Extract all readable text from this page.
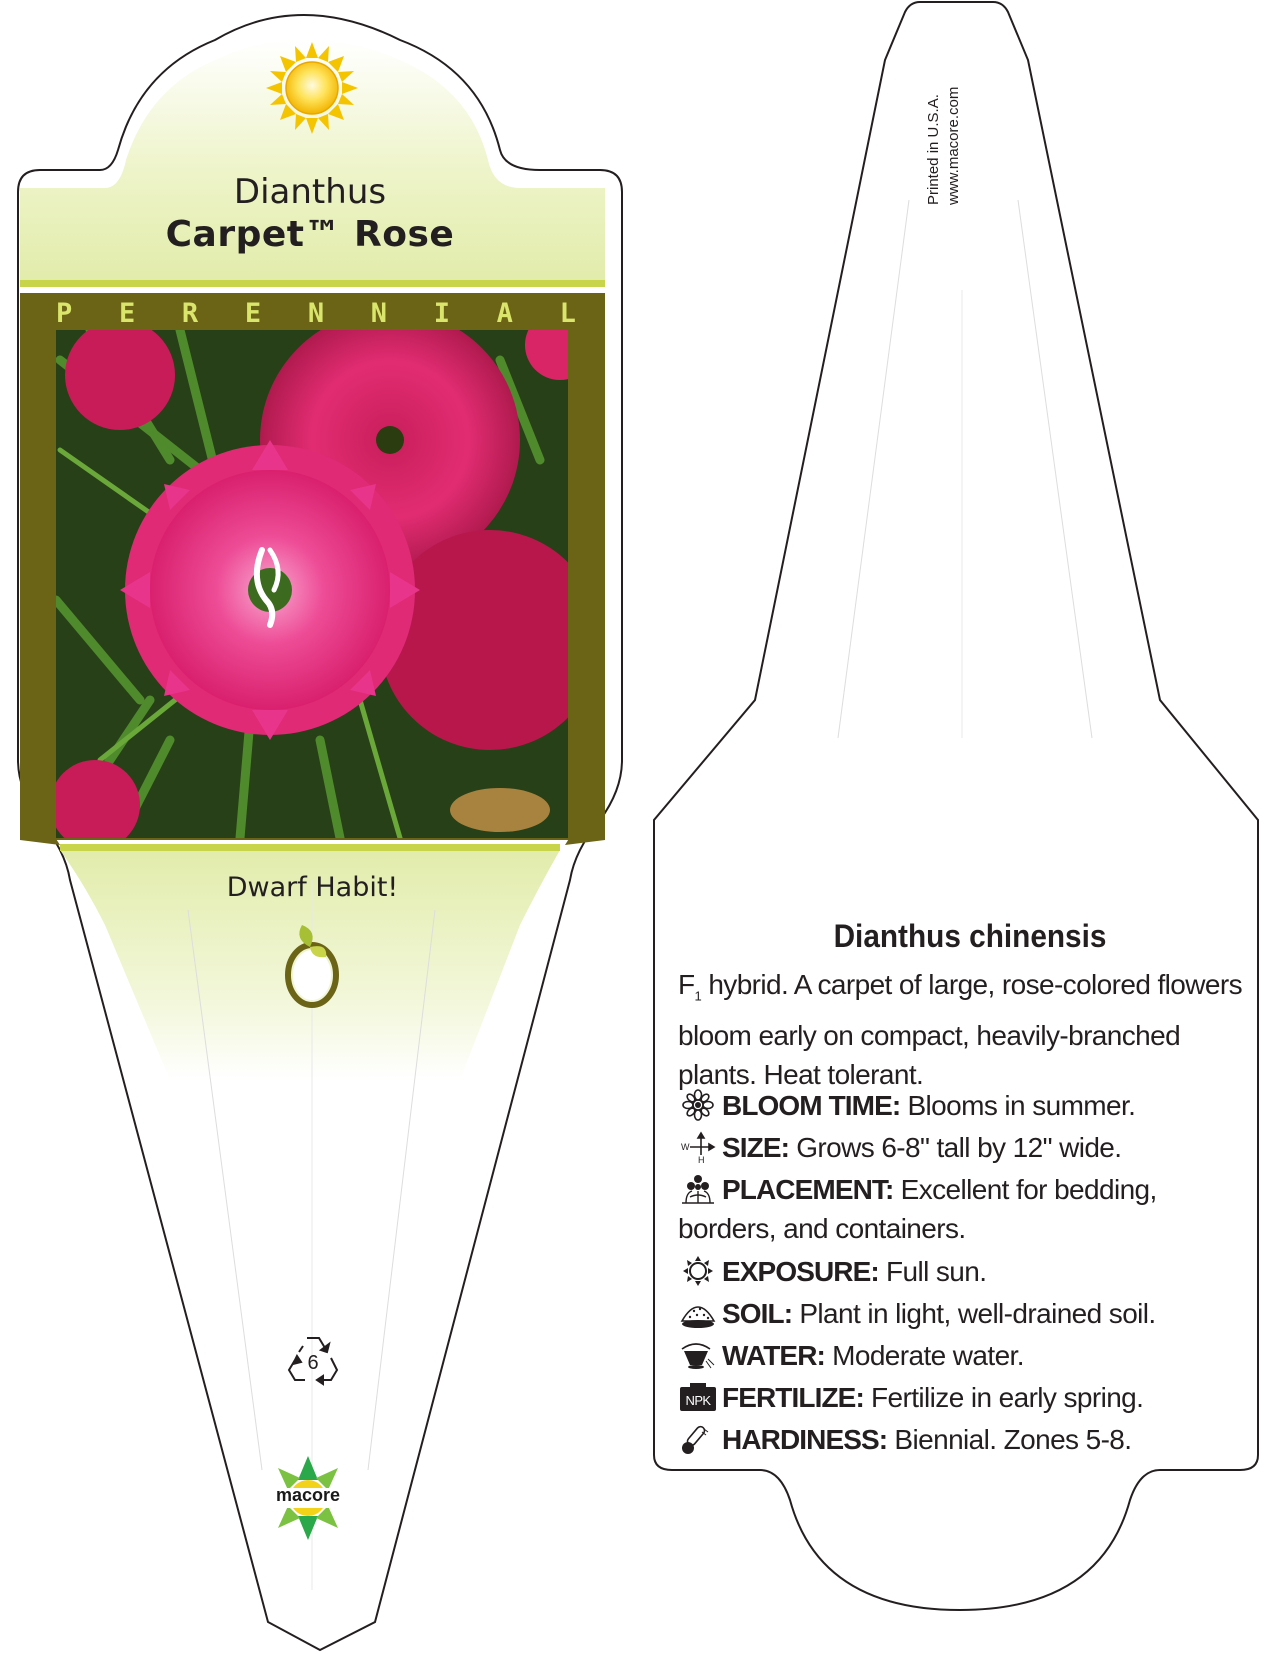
Dianthus
Carpet™ Rose
P E R E N N I A L
Dwarf Habit!
6
macore
Printed in U.S.A. www.macore.com
Dianthus chinensis
$F_1$ hybrid. A carpet of large, rose-colored flowers bloom early on compact, heavily-branched plants. Heat tolerant.
BLOOM TIME: Blooms in summer.
W
H SIZE: Grows 6-8" tall by 12" wide.
PLACEMENT: Excellent for bedding, borders, and containers.
EXPOSURE: Full sun.
SOIL: Plant in light, well-drained soil.
WATER: Moderate water.
NPK FERTILIZE: Fertilize in early spring.
HARDINESS: Biennial. Zones 5-8.
